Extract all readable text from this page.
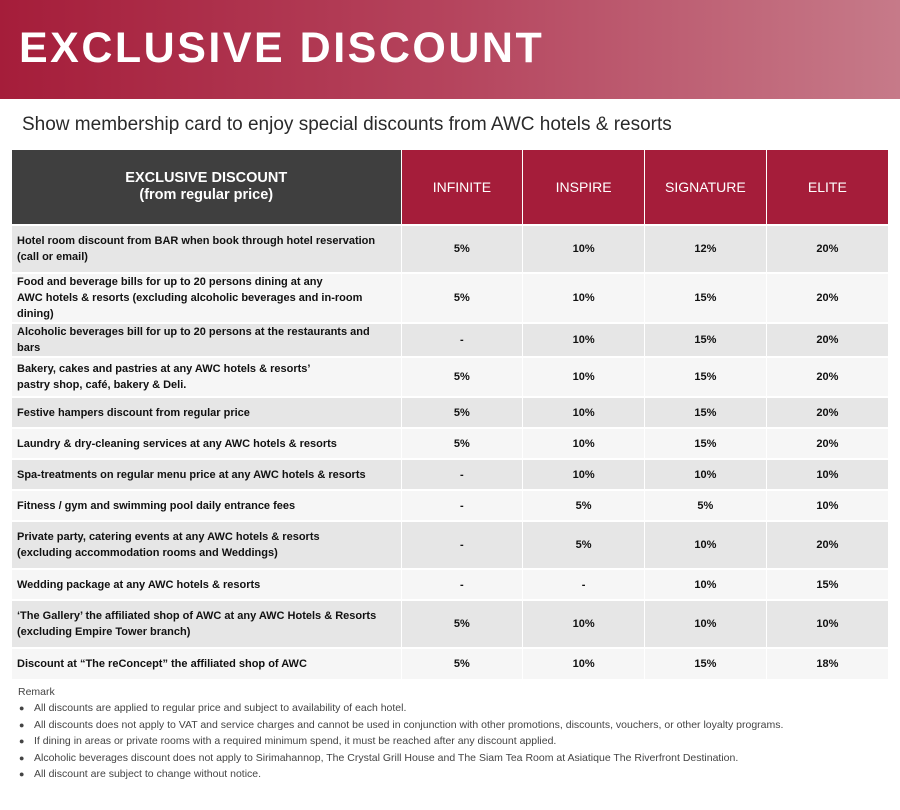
EXCLUSIVE DISCOUNT
Show membership card to enjoy special discounts from AWC hotels & resorts
EXCLUSIVE DISCOUNT
(from regular price)	INFINITE	INSPIRE	SIGNATURE	ELITE

Hotel room discount from BAR when book through hotel reservation
(call or email)	5%	10%	12%	20%

Food and beverage bills for up to 20 persons dining at any
AWC hotels & resorts (excluding alcoholic beverages and in-room dining)	5%	10%	15%	20%

Alcoholic beverages bill for up to 20 persons at the restaurants and bars	-	10%	15%	20%

Bakery, cakes and pastries at any AWC hotels & resorts’
pastry shop, café, bakery & Deli.	5%	10%	15%	20%

Festive hampers discount from regular price	5%	10%	15%	20%

Laundry & dry-cleaning services at any AWC hotels & resorts	5%	10%	15%	20%

Spa-treatments on regular menu price at any AWC hotels & resorts	-	10%	10%	10%

Fitness / gym and swimming pool daily entrance fees	-	5%	5%	10%

Private party, catering events at any AWC hotels & resorts
(excluding accommodation rooms and Weddings)	-	5%	10%	20%

Wedding package at any AWC hotels & resorts	-	-	10%	15%

‘The Gallery’ the affiliated shop of AWC at any AWC Hotels & Resorts
(excluding Empire Tower branch)	5%	10%	10%	10%

Discount at “The reConcept” the affiliated shop of AWC	5%	10%	15%	18%
Remark
● All discounts are applied to regular price and subject to availability of each hotel.
● All discounts does not apply to VAT and service charges and cannot be used in conjunction with other promotions, discounts, vouchers, or other loyalty programs.
● If dining in areas or private rooms with a required minimum spend, it must be reached after any discount applied.
● Alcoholic beverages discount does not apply to Sirimahannop, The Crystal Grill House and The Siam Tea Room at Asiatique The Riverfront Destination.
● All discount are subject to change without notice.
